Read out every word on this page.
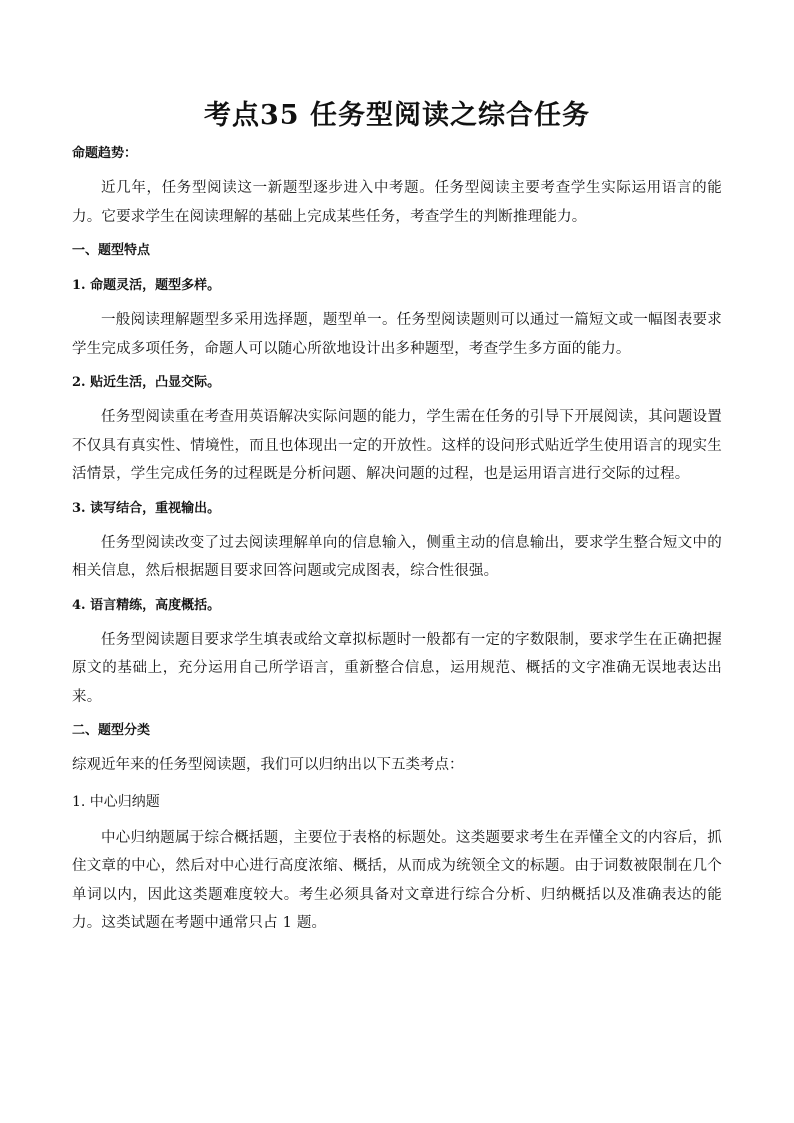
考点35 任务型阅读之综合任务

命题趋势：

近几年，任务型阅读这一新题型逐步进入中考题。任务型阅读主要考查学生实际运用语言的能力。它要求学生在阅读理解的基础上完成某些任务，考查学生的判断推理能力。

一、题型特点

1. 命题灵活，题型多样。

一般阅读理解题型多采用选择题，题型单一。任务型阅读题则可以通过一篇短文或一幅图表要求学生完成多项任务，命题人可以随心所欲地设计出多种题型，考查学生多方面的能力。

2. 贴近生活，凸显交际。

任务型阅读重在考查用英语解决实际问题的能力，学生需在任务的引导下开展阅读，其问题设置不仅具有真实性、情境性，而且也体现出一定的开放性。这样的设问形式贴近学生使用语言的现实生活情景，学生完成任务的过程既是分析问题、解决问题的过程，也是运用语言进行交际的过程。

3. 读写结合，重视输出。

任务型阅读改变了过去阅读理解单向的信息输入，侧重主动的信息输出，要求学生整合短文中的相关信息，然后根据题目要求回答问题或完成图表，综合性很强。

4. 语言精练，高度概括。

任务型阅读题目要求学生填表或给文章拟标题时一般都有一定的字数限制，要求学生在正确把握原文的基础上，充分运用自己所学语言，重新整合信息，运用规范、概括的文字准确无误地表达出来。

二、题型分类

综观近年来的任务型阅读题，我们可以归纳出以下五类考点：

1. 中心归纳题

中心归纳题属于综合概括题，主要位于表格的标题处。这类题要求考生在弄懂全文的内容后，抓住文章的中心，然后对中心进行高度浓缩、概括，从而成为统领全文的标题。由于词数被限制在几个单词以内，因此这类题难度较大。考生必须具备对文章进行综合分析、归纳概括以及准确表达的能力。这类试题在考题中通常只占 1 题。
